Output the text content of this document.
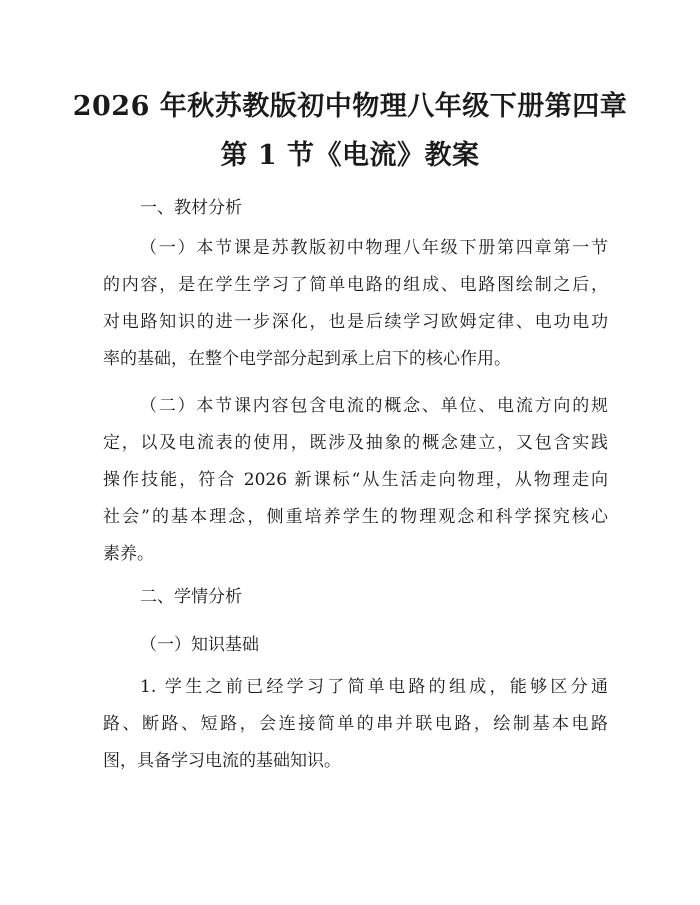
2026 年秋苏教版初中物理八年级下册第四章
第 1 节《电流》教案
一、教材分析
（一）本节课是苏教版初中物理八年级下册第四章第一节
的内容，是在学生学习了简单电路的组成、电路图绘制之后，
对电路知识的进一步深化，也是后续学习欧姆定律、电功电功
率的基础，在整个电学部分起到承上启下的核心作用。
（二）本节课内容包含电流的概念、单位、电流方向的规
定，以及电流表的使用，既涉及抽象的概念建立，又包含实践
操作技能，符合 2026 新课标“从生活走向物理，从物理走向
社会”的基本理念，侧重培养学生的物理观念和科学探究核心
素养。
二、学情分析
（一）知识基础
1. 学生之前已经学习了简单电路的组成，能够区分通
路、断路、短路，会连接简单的串并联电路，绘制基本电路
图，具备学习电流的基础知识。
